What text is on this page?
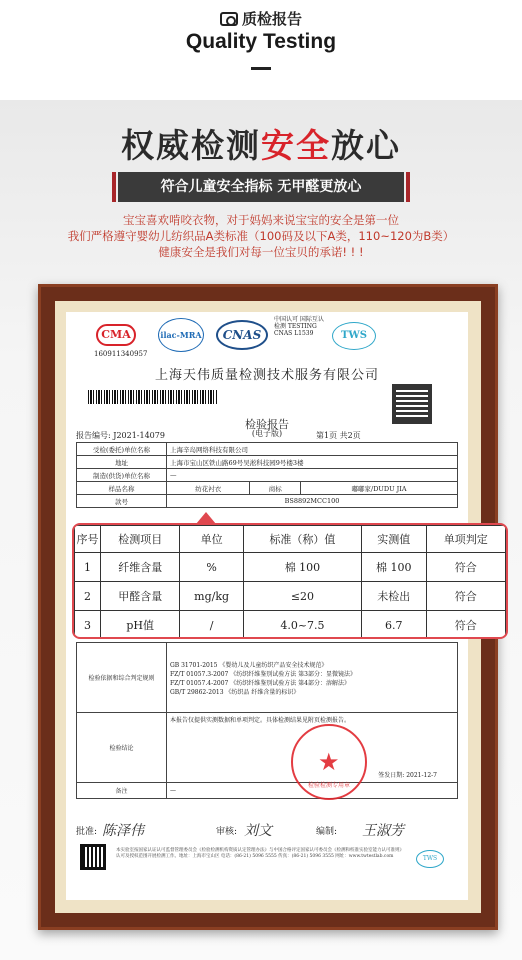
质检报告
Quality Testing
权威检测安全放心
符合儿童安全指标 无甲醛更放心
宝宝喜欢啃咬衣物，对于妈妈来说宝宝的安全是第一位
我们严格遵守婴幼儿纺织品A类标准（100码及以下A类，110~120为B类）
健康安全是我们对每一位宝贝的承诺! ! !
CMA
160911340957
ilac-MRA	CNAS
中国认可 国际互认 检测 TESTING CNAS L1539	TWS
上海天伟质量检测技术服务有限公司
检验报告
(电子版)
报告编号: J2021-14079	第1页 共2页
受检(委托)单位名称	上海辛岛网络科技有限公司		
地址	上海市宝山区铁山路69号吴淞科技园9号楼3楼		
制造(供货)单位名称	—		
样品名称	纺花衬衣	商标	嘟嘟家/DUDU JIA
款号	BS8892MCC100		
检验依据和综合判定规则	GB 31701-2015 《婴幼儿及儿童纺织产品安全技术规范》
FZ/T 01057.3-2007 《纺织纤维鉴别试验方法 第3部分：显微镜法》
FZ/T 01057.4-2007 《纺织纤维鉴别试验方法 第4部分：溶解法》
GB/T 29862-2013 《纺织品 纤维含量的标识》

检验结论	本报告仅提供实测数据和单项判定。具体检测结果见附页检测报告。
签发日期: 2021-12-7

备注	—
★
检验检测专用章
批准: 陈泽伟	审核: 刘文	编制: 王淑芳
本实验室按国家认证认可监督管理委员会《检验检测机构资质认定管理办法》与中国合格评定国家认可委员会《检测和校准实验室能力认可准则》认可及授权范围开展检测工作。地址：上海市宝山区 电话：(86-21) 5096 5555 传真：(86-21) 5096 3555 网址：www.twtestlab.com	TWS
序号	检测项目	单位	标准（称）值	实测值	单项判定
1	纤维含量	%	棉 100	棉 100	符合
2	甲醛含量	mg/kg	≤20	未检出	符合
3	pH值	/	4.0~7.5	6.7	符合
